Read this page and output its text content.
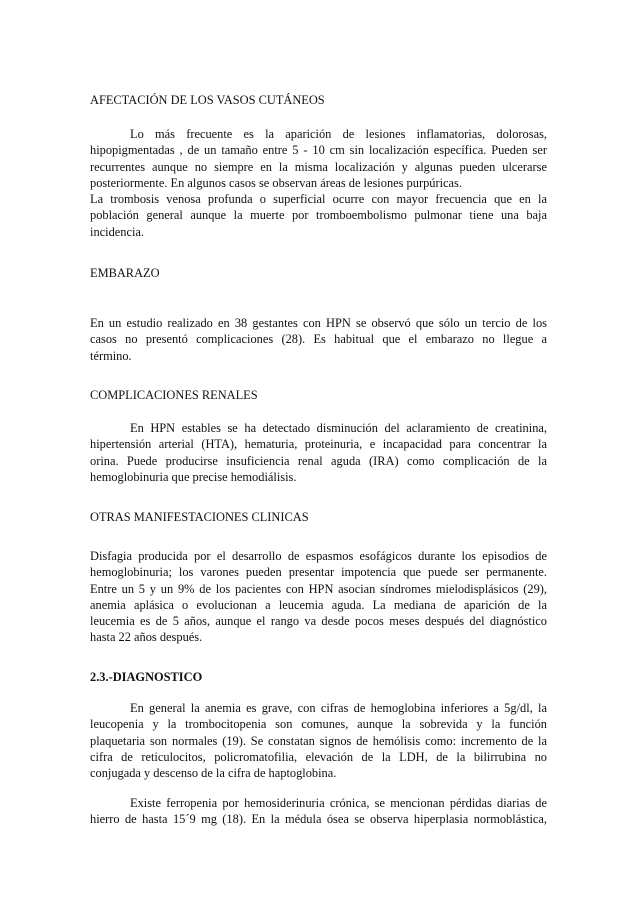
AFECTACIÓN DE LOS VASOS CUTÁNEOS
Lo más frecuente es la aparición de lesiones inflamatorias, dolorosas,
hipopigmentadas , de un tamaño entre 5 - 10 cm sin localización específica. Pueden ser
recurrentes aunque no siempre en la misma localización y algunas pueden ulcerarse
posteriormente. En algunos casos se observan áreas de lesiones purpúricas.
La trombosis venosa profunda o superficial ocurre con mayor frecuencia que en la
población general aunque la muerte por tromboembolismo pulmonar tiene una baja
incidencia.
EMBARAZO
En un estudio realizado en 38 gestantes con HPN se observó que sólo un tercio de los
casos no presentó complicaciones (28). Es habitual que el embarazo no llegue a
término.
COMPLICACIONES RENALES
En HPN estables se ha detectado disminución del aclaramiento de creatinina,
hipertensión arterial (HTA), hematuria, proteinuria, e incapacidad para concentrar la
orina. Puede producirse insuficiencia renal aguda (IRA) como complicación de la
hemoglobinuria que precise hemodiálisis.
OTRAS MANIFESTACIONES CLINICAS
Disfagia producida por el desarrollo de espasmos esofágicos durante los episodios de
hemoglobinuria; los varones pueden presentar impotencia que puede ser permanente.
Entre un 5 y un 9% de los pacientes con HPN asocian síndromes mielodisplásicos (29),
anemia aplásica o evolucionan a leucemia aguda. La mediana de aparición de la
leucemia es de 5 años, aunque el rango va desde pocos meses después del diagnóstico
hasta 22 años después.
2.3.-DIAGNOSTICO
En general la anemia es grave, con cifras de hemoglobina inferiores a 5g/dl, la
leucopenia y la trombocitopenia son comunes, aunque la sobrevida y la función
plaquetaria son normales (19). Se constatan signos de hemólisis como: incremento de la
cifra de reticulocitos, policromatofilia, elevación de la LDH, de la bilirrubina no
conjugada y descenso de la cifra de haptoglobina.
Existe ferropenia por hemosiderinuria crónica, se mencionan pérdidas diarias de
hierro de hasta 15´9 mg (18). En la médula ósea se observa hiperplasia normoblástica,
